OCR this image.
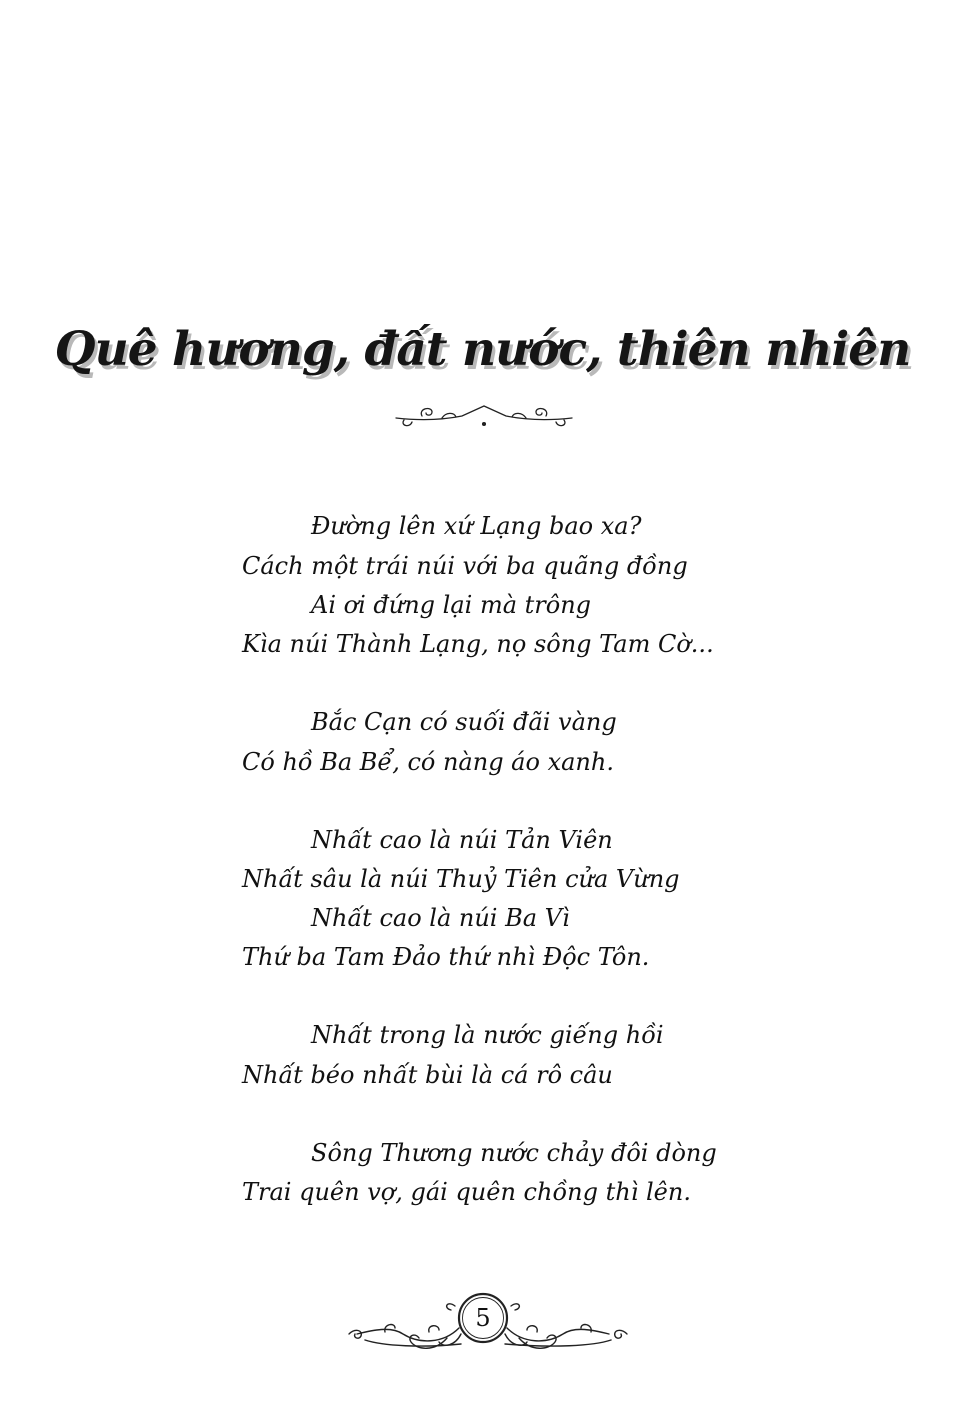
Quê hương, đất nước, thiên nhiên

Đường lên xứ Lạng bao xa?

Cách một trái núi với ba quãng đồng

Ai ơi đứng lại mà trông

Kìa núi Thành Lạng, nọ sông Tam Cờ...

Bắc Cạn có suối đãi vàng

Có hồ Ba Bể, có nàng áo xanh.

Nhất cao là núi Tản Viên

Nhất sâu là núi Thuỷ Tiên cửa Vừng

Nhất cao là núi Ba Vì

Thứ ba Tam Đảo thứ nhì Độc Tôn.

Nhất trong là nước giếng hồi

Nhất béo nhất bùi là cá rô câu

Sông Thương nước chảy đôi dòng

Trai quên vợ, gái quên chồng thì lên.

5
